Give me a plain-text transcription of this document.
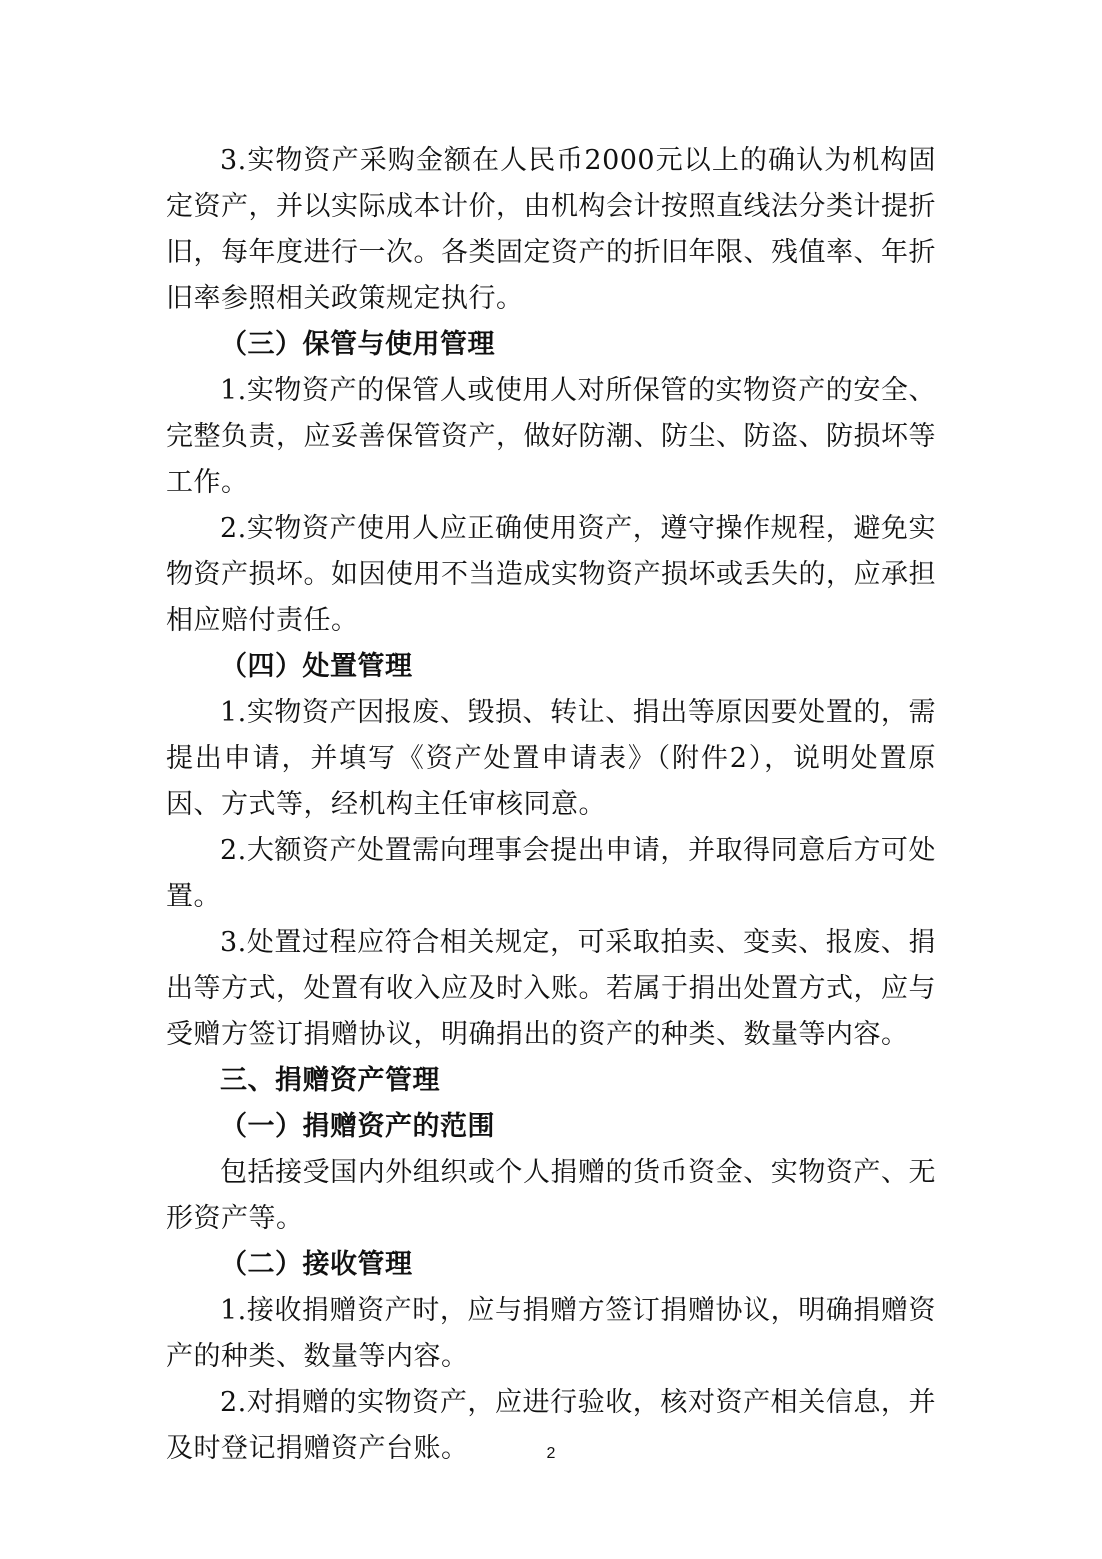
3.实物资产采购金额在人民币2000元以上的确认为机构固定资产，并以实际成本计价，由机构会计按照直线法分类计提折旧，每年度进行一次。各类固定资产的折旧年限、残值率、年折旧率参照相关政策规定执行。

（三）保管与使用管理

1.实物资产的保管人或使用人对所保管的实物资产的安全、完整负责，应妥善保管资产，做好防潮、防尘、防盗、防损坏等工作。

2.实物资产使用人应正确使用资产，遵守操作规程，避免实物资产损坏。如因使用不当造成实物资产损坏或丢失的，应承担相应赔付责任。

（四）处置管理

1.实物资产因报废、毁损、转让、捐出等原因要处置的，需提出申请，并填写《资产处置申请表》（附件2），说明处置原因、方式等，经机构主任审核同意。

2.大额资产处置需向理事会提出申请，并取得同意后方可处置。

3.处置过程应符合相关规定，可采取拍卖、变卖、报废、捐出等方式，处置有收入应及时入账。若属于捐出处置方式，应与受赠方签订捐赠协议，明确捐出的资产的种类、数量等内容。

三、捐赠资产管理

（一）捐赠资产的范围

包括接受国内外组织或个人捐赠的货币资金、实物资产、无形资产等。

（二）接收管理

1.接收捐赠资产时，应与捐赠方签订捐赠协议，明确捐赠资产的种类、数量等内容。

2.对捐赠的实物资产，应进行验收，核对资产相关信息，并及时登记捐赠资产台账。	2
